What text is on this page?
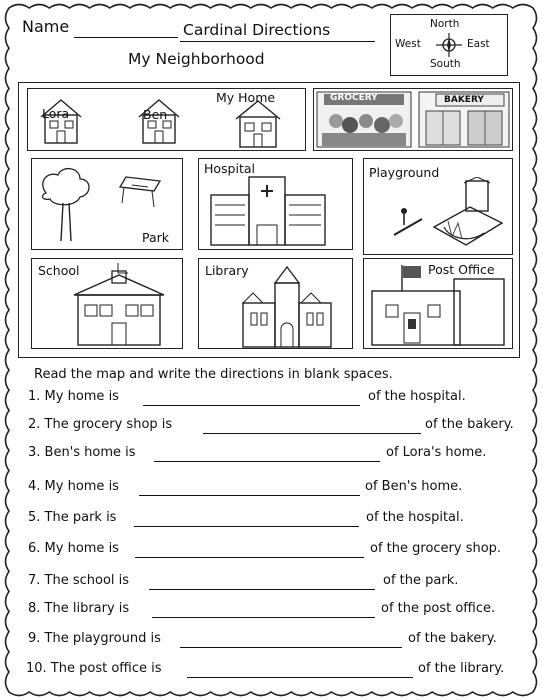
Name	Cardinal Directions
My Neighborhood
North
West	East
South
Lora	Ben
My Home	GROCERY	BAKERY
Park
Hospital	Playground
School	Library	Post Office
Read the map and write the directions in blank spaces.
1. My home is	of the hospital.
2. The grocery shop is	of the bakery.
3. Ben's home is	of Lora's home.
4. My home is	of Ben's home.
5. The park is	of the hospital.
6. My home is	of the grocery shop.
7. The school is	of the park.
8. The library is	of the post office.
9. The playground is	of the bakery.
10. The post office is	of the library.
